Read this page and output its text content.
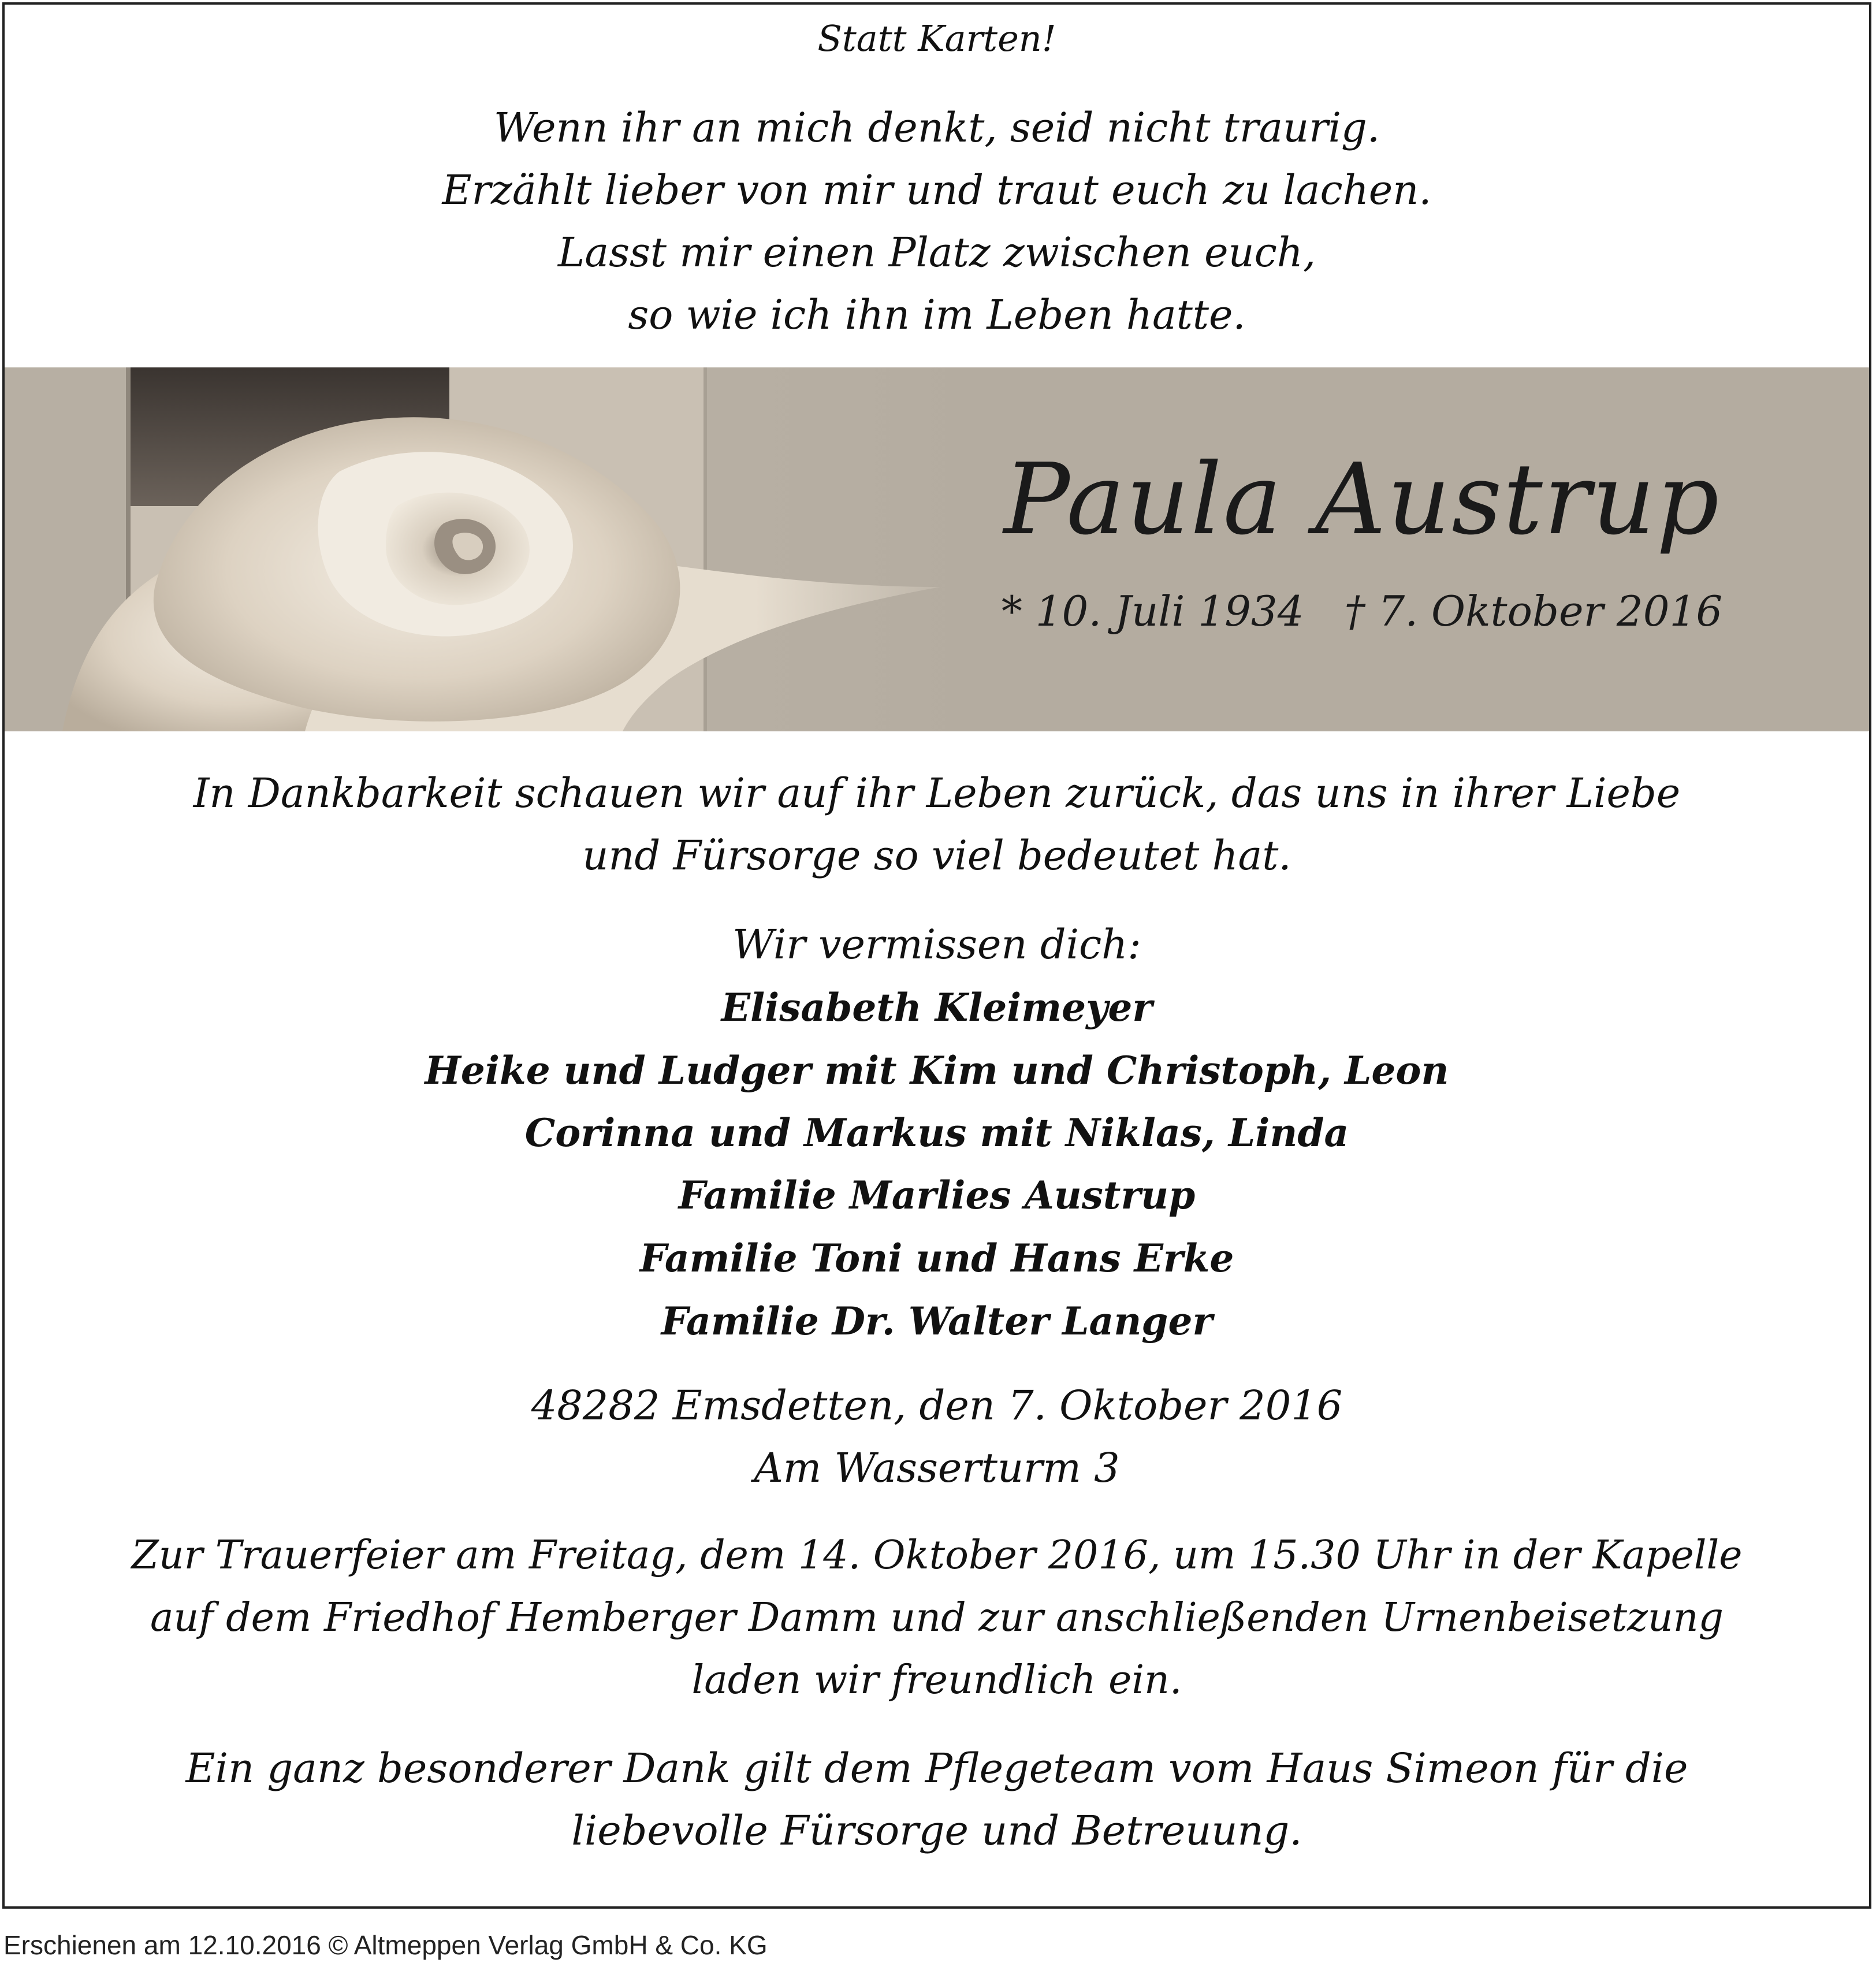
Statt Karten!
Wenn ihr an mich denkt, seid nicht traurig.
Erzählt lieber von mir und traut euch zu lachen.
Lasst mir einen Platz zwischen euch,
so wie ich ihn im Leben hatte.
Paula Austrup
* 10. Juli 1934 † 7. Oktober 2016
In Dankbarkeit schauen wir auf ihr Leben zurück, das uns in ihrer Liebe
und Fürsorge so viel bedeutet hat.
Wir vermissen dich:
Elisabeth Kleimeyer
Heike und Ludger mit Kim und Christoph, Leon
Corinna und Markus mit Niklas, Linda
Familie Marlies Austrup
Familie Toni und Hans Erke
Familie Dr. Walter Langer
48282 Emsdetten, den 7. Oktober 2016
Am Wasserturm 3
Zur Trauerfeier am Freitag, dem 14. Oktober 2016, um 15.30 Uhr in der Kapelle
auf dem Friedhof Hemberger Damm und zur anschließenden Urnenbeisetzung
laden wir freundlich ein.
Ein ganz besonderer Dank gilt dem Pflegeteam vom Haus Simeon für die
liebevolle Fürsorge und Betreuung.
Erschienen am 12.10.2016 © Altmeppen Verlag GmbH & Co. KG
